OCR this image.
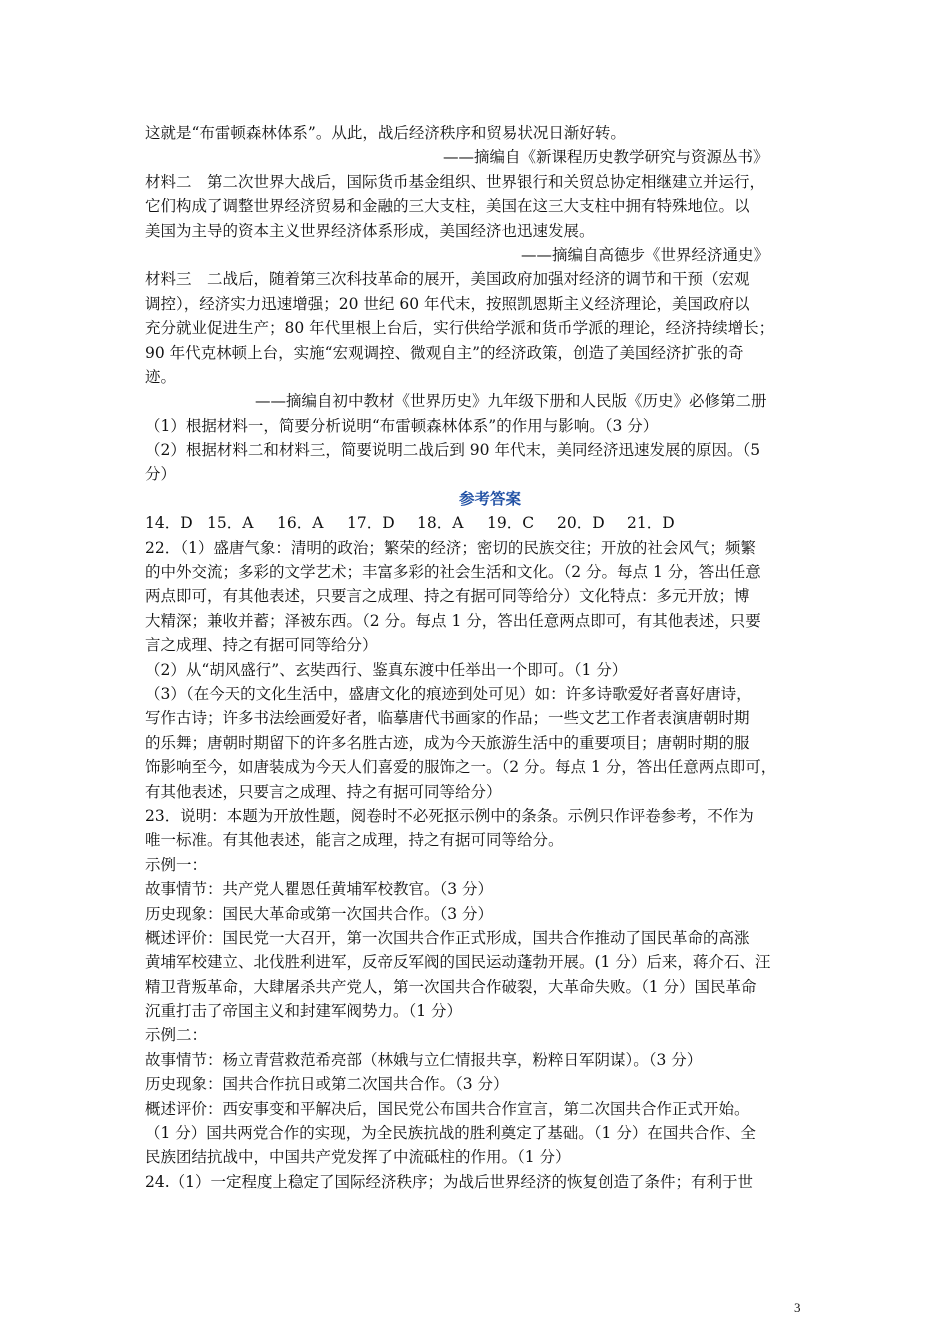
这就是“布雷顿森林体系”。从此，战后经济秩序和贸易状况日渐好转。
——摘编自《新课程历史教学研究与资源丛书》
材料二　第二次世界大战后，国际货币基金组织、世界银行和关贸总协定相继建立并运行，
它们构成了调整世界经济贸易和金融的三大支柱，美国在这三大支柱中拥有特殊地位。以
美国为主导的资本主义世界经济体系形成，美国经济也迅速发展。
——摘编自高德步《世界经济通史》
材料三　二战后，随着第三次科技革命的展开，美国政府加强对经济的调节和干预（宏观
调控），经济实力迅速增强；20 世纪 60 年代末，按照凯恩斯主义经济理论，美国政府以
充分就业促进生产；80 年代里根上台后，实行供给学派和货币学派的理论，经济持续增长；
90 年代克林顿上台，实施“宏观调控、微观自主”的经济政策，创造了美国经济扩张的奇
迹。
——摘编自初中教材《世界历史》九年级下册和人民版《历史》必修第二册
（1）根据材料一，简要分析说明“布雷顿森林体系”的作用与影响。（3 分）
（2）根据材料二和材料三，简要说明二战后到 90 年代末，美同经济迅速发展的原因。（5
分）
参考答案
14．D 15．A	16．A	17．D	18．A	19．C	20．D	21．D
22．（1）盛唐气象：清明的政治；繁荣的经济；密切的民族交往；开放的社会风气；频繁
的中外交流；多彩的文学艺术；丰富多彩的社会生活和文化。（2 分。每点 1 分，答出任意
两点即可，有其他表述，只要言之成理、持之有据可同等给分）文化特点：多元开放；博
大精深；兼收并蓄；泽被东西。（2 分。每点 1 分，答出任意两点即可，有其他表述，只要
言之成理、持之有据可同等给分）
（2）从“胡风盛行”、玄奘西行、鉴真东渡中任举出一个即可。（1 分）
（3）（在今天的文化生活中，盛唐文化的痕迹到处可见）如：许多诗歌爱好者喜好唐诗，
写作古诗；许多书法绘画爱好者，临摹唐代书画家的作品；一些文艺工作者表演唐朝时期
的乐舞；唐朝时期留下的许多名胜古迹，成为今天旅游生活中的重要项目；唐朝时期的服
饰影响至今，如唐装成为今天人们喜爱的服饰之一。（2 分。每点 1 分，答出任意两点即可，
有其他表述，只要言之成理、持之有据可同等给分）
23．说明：本题为开放性题，阅卷时不必死抠示例中的条条。示例只作评卷参考，不作为
唯一标准。有其他表述，能言之成理，持之有据可同等给分。
示例一：
故事情节：共产党人瞿恩任黄埔军校教官。（3 分）
历史现象：国民大革命或第一次国共合作。（3 分）
概述评价：国民党一大召开，第一次国共合作正式形成，国共合作推动了国民革命的高涨
黄埔军校建立、北伐胜利进军，反帝反军阀的国民运动蓬勃开展。(1 分）后来，蒋介石、汪
精卫背叛革命，大肆屠杀共产党人，第一次国共合作破裂，大革命失败。（1 分）国民革命
沉重打击了帝国主义和封建军阀势力。（1 分）
示例二：
故事情节：杨立青营救范希亮部（林娥与立仁情报共享，粉粹日军阴谋）。（3 分）
历史现象：国共合作抗日或第二次国共合作。（3 分）
概述评价：西安事变和平解决后，国民党公布国共合作宣言，第二次国共合作正式开始。
（1 分）国共两党合作的实现，为全民族抗战的胜利奠定了基础。（1 分）在国共合作、全
民族团结抗战中，中国共产党发挥了中流砥柱的作用。（1 分）
24.（1）一定程度上稳定了国际经济秩序；为战后世界经济的恢复创造了条件；有利于世
3
